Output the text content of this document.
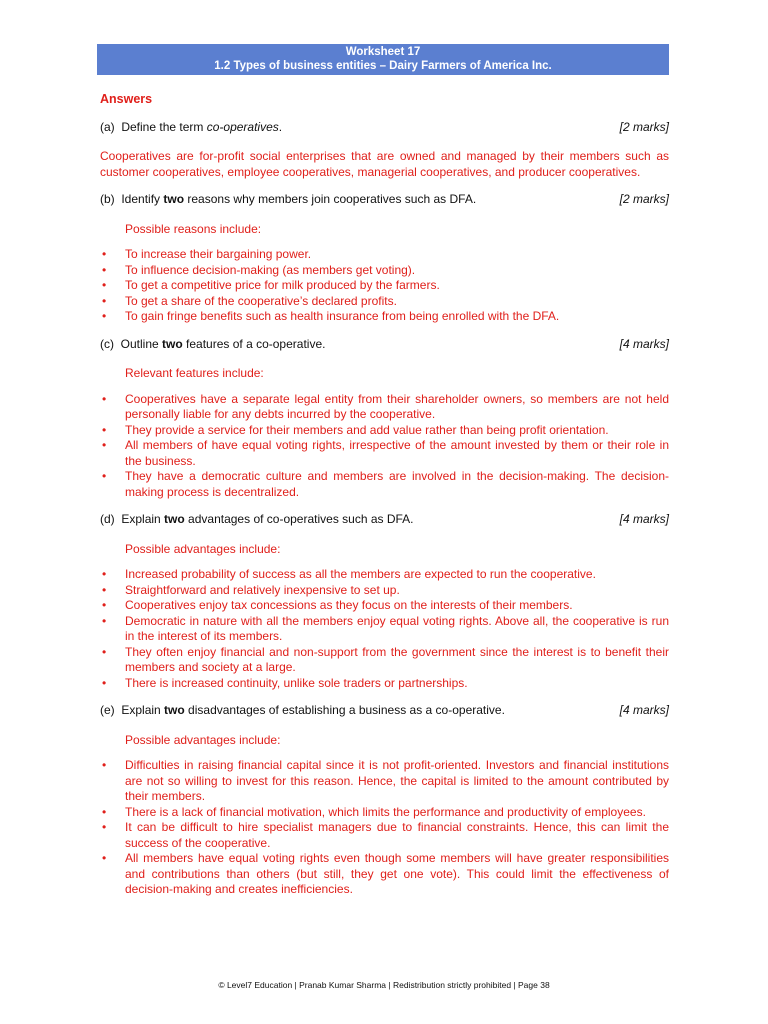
Worksheet 17
1.2 Types of business entities – Dairy Farmers of America Inc.
Answers
(a) Define the term co-operatives.	[2 marks]

Cooperatives are for-profit social enterprises that are owned and managed by their members such as customer cooperatives, employee cooperatives, managerial cooperatives, and producer cooperatives.

(b) Identify two reasons why members join cooperatives such as DFA.	[2 marks]

Possible reasons include:

• To increase their bargaining power.
• To influence decision-making (as members get voting).
• To get a competitive price for milk produced by the farmers.
• To get a share of the cooperative’s declared profits.
• To gain fringe benefits such as health insurance from being enrolled with the DFA.
(c) Outline two features of a co-operative.	[4 marks]

Relevant features include:

• Cooperatives have a separate legal entity from their shareholder owners, so members are not held personally liable for any debts incurred by the cooperative.
• They provide a service for their members and add value rather than being profit orientation.
• All members of have equal voting rights, irrespective of the amount invested by them or their role in the business.
• They have a democratic culture and members are involved in the decision-making. The decision-making process is decentralized.
(d) Explain two advantages of co-operatives such as DFA.	[4 marks]

Possible advantages include:

• Increased probability of success as all the members are expected to run the cooperative.
• Straightforward and relatively inexpensive to set up.
• Cooperatives enjoy tax concessions as they focus on the interests of their members.
• Democratic in nature with all the members enjoy equal voting rights. Above all, the cooperative is run in the interest of its members.
• They often enjoy financial and non-support from the government since the interest is to benefit their members and society at a large.
• There is increased continuity, unlike sole traders or partnerships.
(e) Explain two disadvantages of establishing a business as a co-operative.	[4 marks]

Possible advantages include:

• Difficulties in raising financial capital since it is not profit-oriented. Investors and financial institutions are not so willing to invest for this reason. Hence, the capital is limited to the amount contributed by their members.
• There is a lack of financial motivation, which limits the performance and productivity of employees.
• It can be difficult to hire specialist managers due to financial constraints. Hence, this can limit the success of the cooperative.
• All members have equal voting rights even though some members will have greater responsibilities and contributions than others (but still, they get one vote). This could limit the effectiveness of decision-making and creates inefficiencies.
© Level7 Education | Pranab Kumar Sharma | Redistribution strictly prohibited | Page 38
